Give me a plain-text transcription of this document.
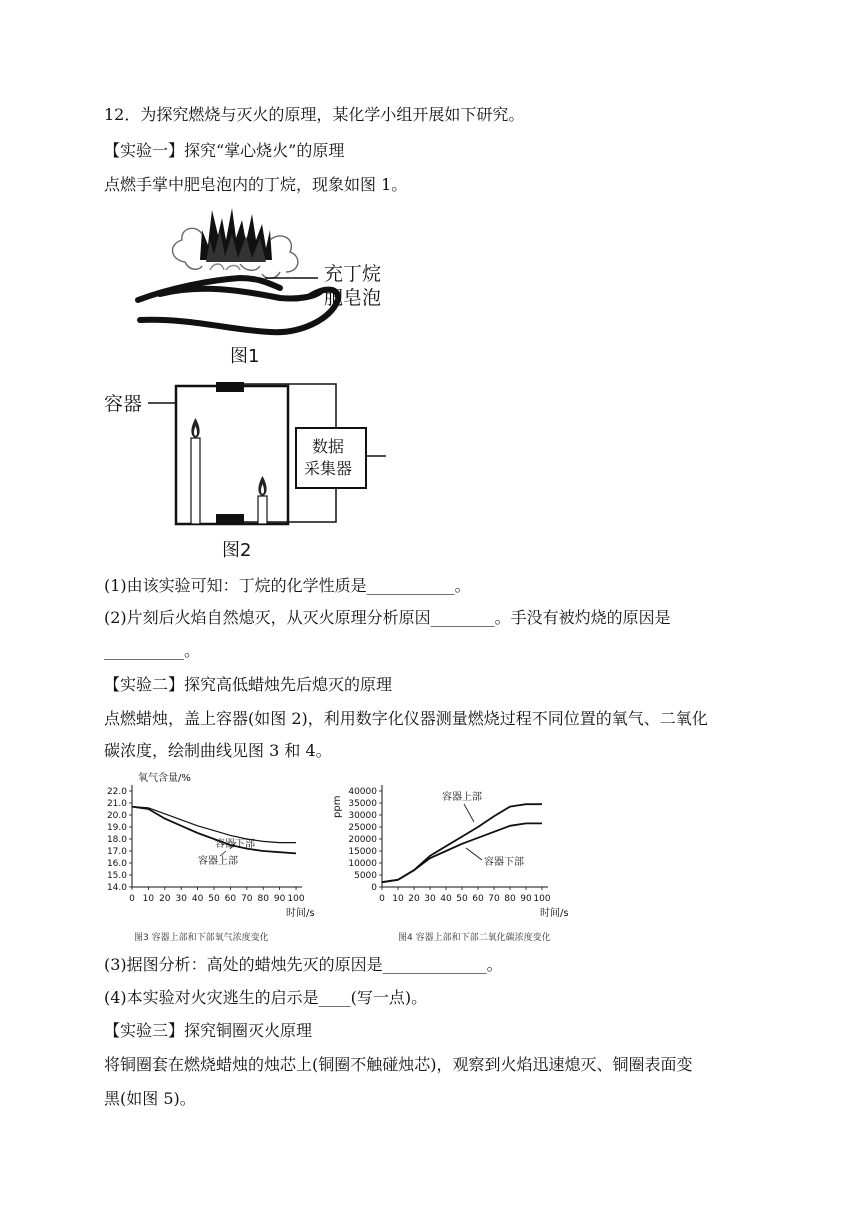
12．为探究燃烧与灭火的原理，某化学小组开展如下研究。
【实验一】探究“掌心烧火”的原理
点燃手掌中肥皂泡内的丁烷，现象如图 1。
充丁烷
肥皂泡
图1
容器
数据
采集器
图2
(1)由该实验可知：丁烷的化学性质是___________。
(2)片刻后火焰自然熄灭，从灭火原理分析原因________。手没有被灼烧的原因是
__________。
【实验二】探究高低蜡烛先后熄灭的原理
点燃蜡烛，盖上容器(如图 2)，利用数字化仪器测量燃烧过程不同位置的氧气、二氧化
碳浓度，绘制曲线见图 3 和 4。
0 10 20 30 40 50 60 70 80 90 100
22.0
21.0
20.0
19.0
18.0
17.0
16.0
15.0
14.0
氧气含量/%
时间/s
图3 容器上部和下部氧气浓度变化
容器下部
容器上部
0 10 20 30 40 50 60 70 80 90 100
40000
35000
30000
25000
20000
15000
10000
5000
0
ppm
时间/s
图4 容器上部和下部二氧化碳浓度变化
容器上部
容器下部
(3)据图分析：高处的蜡烛先灭的原因是_____________。
(4)本实验对火灾逃生的启示是____(写一点)。
【实验三】探究铜圈灭火原理
将铜圈套在燃烧蜡烛的烛芯上(铜圈不触碰烛芯)，观察到火焰迅速熄灭、铜圈表面变
黑(如图 5)。
